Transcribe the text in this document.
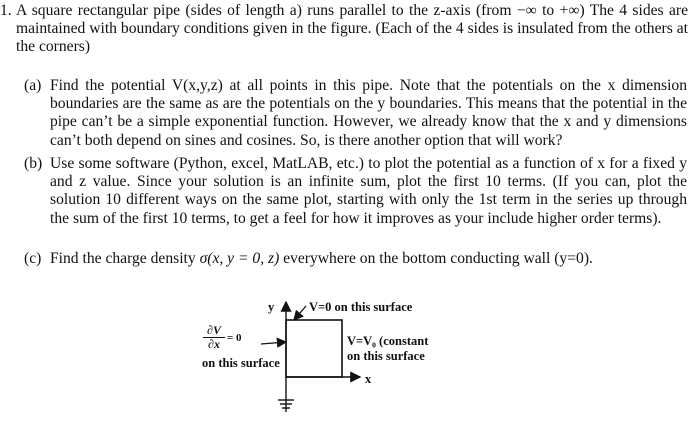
1. A square rectangular pipe (sides of length a) runs parallel to the z-axis (from −∞ to +∞) The 4 sides are maintained with boundary conditions given in the figure. (Each of the 4 sides is insulated from the others at the corners)
(a) Find the potential V(x,y,z) at all points in this pipe. Note that the potentials on the x dimension boundaries are the same as are the potentials on the y boundaries. This means that the potential in the pipe can’t be a simple exponential function. However, we already know that the x and y dimensions can’t both depend on sines and cosines. So, is there another option that will work?
(b) Use some software (Python, excel, MatLAB, etc.) to plot the potential as a function of x for a fixed y and z value. Since your solution is an infinite sum, plot the first 10 terms. (If you can, plot the solution 10 different ways on the same plot, starting with only the 1st term in the series up through the sum of the first 10 terms, to get a feel for how it improves as your include higher order terms).
(c) Find the charge density σ(x, y = 0, z) everywhere on the bottom conducting wall (y=0).
y	V=0 on this surface
∂V
∂x = 0
on this surface
V=V₀ (constant
on this surface
x
